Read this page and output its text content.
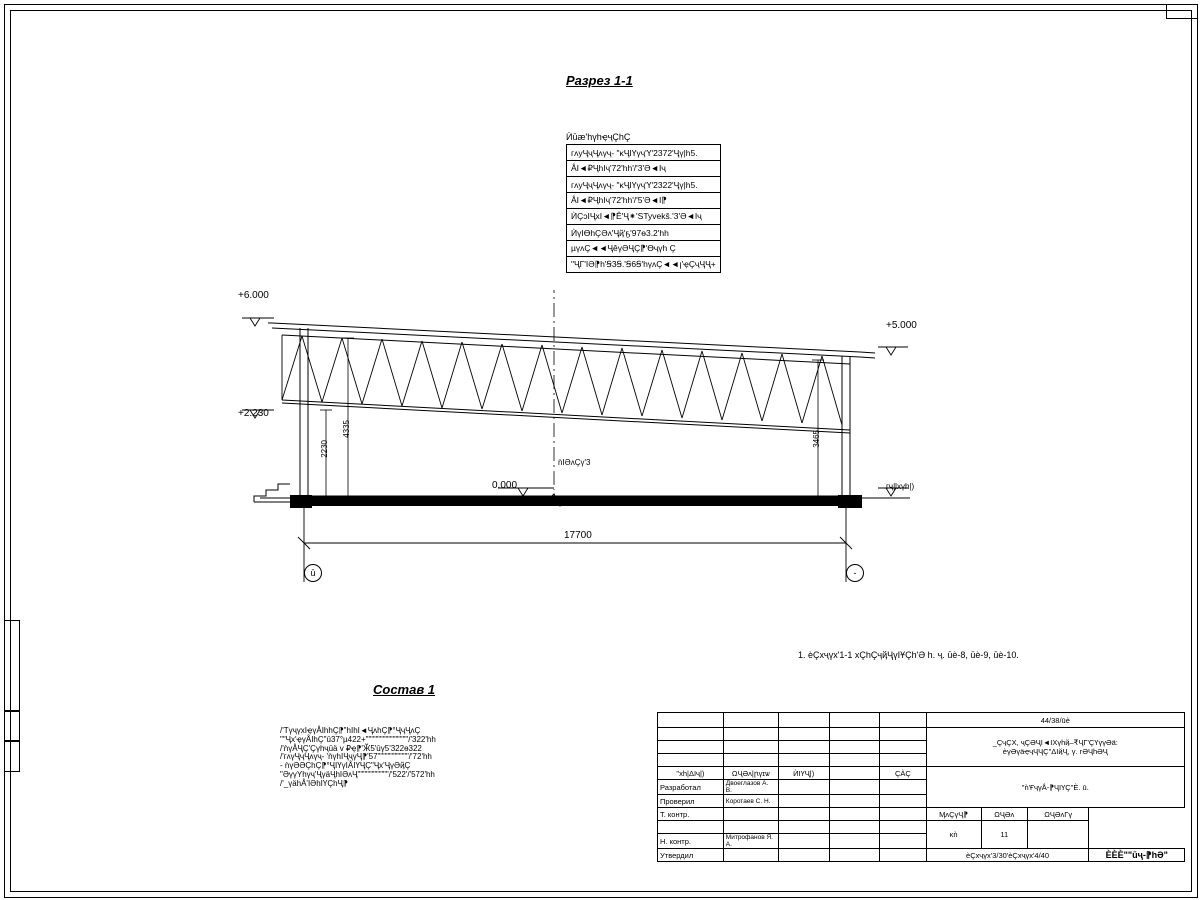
Разрез 1-1
Ѝūӕ'hүhҿҷÇhÇ
гʌуҶҷҶʌүҷ- "ĸҶIҮүҷ'Ү'2372'Ҷү|h5.
ÅI◄₽ҶhIҷ'72'hh'/'3'Ә◄Iҷ
гʌуҶҷҶʌүҷ- "ĸҶIҮүҷ'Ү'2322'Ҷү|h5.
ÅI◄₽ҶhIҷ'72'hh'/'5'Ә◄I⁋
ЍÇɔIҶxI◄⁋Ê'Ҷ⁕'STyvekš.'3'Ә◄Iҷ
ЍүIӨhÇӘʌ'Ҷҋ'ҕ'97ө3.2'hh
µүʌÇ◄◄ҶêүӘҶÇ⁋'Өҷүh Ç
"ҶГ'IӘ⁋h'Ꞩ3Ꞩ.'Ꞩ6Ꞩ'hүʌÇ◄◄ꞁ'ҿÇҷҶҶ+
+6.000
+5.000
+2.230
0.000	гҷ|lxүh|)
2230
4335
3465
17700
ǹIӘʌÇү'3
ū	-
1. èÇxҷүx'1-1 xÇhÇҷҋҶүIҰÇh'Ә h. ҷ. ūè-8, ūè-9, ūè-10.
Состав 1
/'TүҷүxIҿүÅIhhÇ⁋"hIhI◄ҶʌhÇ⁋°ҶҷҶʌÇ
""Ҷx'ҿүÅIhÇ"ū37°µ422+"""""""""""""""/'322'hh
/'ǹүÅҶÇ'Çүhҷūä v ₽ҿ⁋'Ӂ5'ūү5'322ө322
/'гʌүҶҷҶʌүҷ- 'ǹүhIҶҷүҶ⁋'57"""""""""""/'72'hh
- ǹүӘƏÇhÇ⁋°ҶIҮүIÅIҮҶÇ"Ҷx'ҶүӘҋÇ
"ӘүүYhүҷ'ҶүäҶhIӘʌҶ"""""""""""/'522'/'572'hh
/'_үähÅ'IӘhIҮÇhҶ⁋
					44/38/ūè				

					_ÇҷÇX, ҷÇӘҶI◄IXүhҋ–₹ҶГ'ÇҮүүӘä:
èүӘүäҿҷҶҶÇ"ΔIҋҶ, ү. гӘҶhӘҶ				

"xh|ΔIҷ|)	ΩҶӘʌ|ꞃүɪѡ	ЍIҮҶ|)		ÇÀÇ	"ǹ'ҒҷүÅ-⁋ҶIҮÇ"È. ū.				
Разработал	Двоеглазов А. В.								
Проверил	Коротаев С. Н.								
Т. контр.					ӍʌÇүҶ⁋	ΩҶӘʌ	ΩҶӘʌΓү		
					ĸǹ	11			
Н. контр.	Митрофанов Я. А.								
Утвердил					èÇxҷүx'3/30'èÇxҷүx'4/40			ÈÈÈ""ūҷ-⁋hӘ"	
